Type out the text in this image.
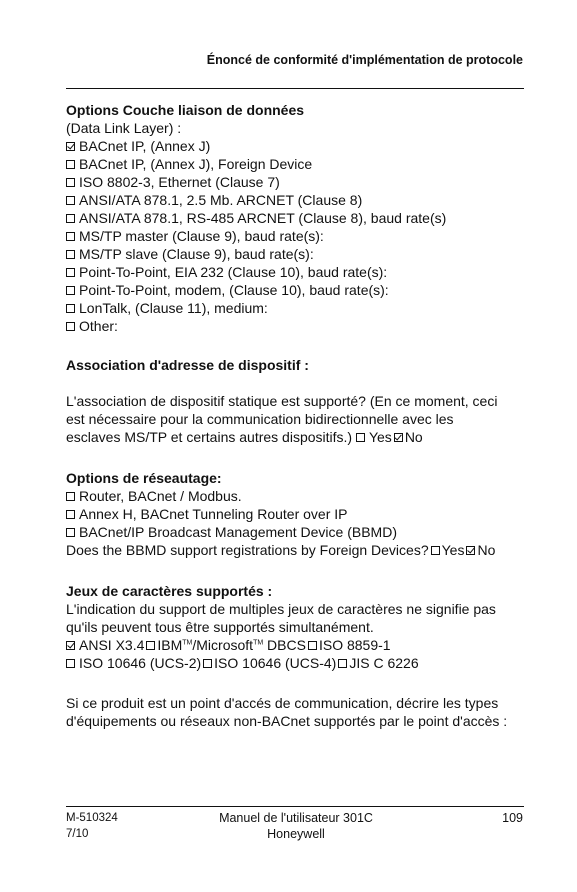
Énoncé de conformité d'implémentation de protocole
Options Couche liaison de données
(Data Link Layer) :
BACnet IP, (Annex J)
BACnet IP, (Annex J), Foreign Device
ISO 8802-3, Ethernet (Clause 7)
ANSI/ATA 878.1, 2.5 Mb. ARCNET (Clause 8)
ANSI/ATA 878.1, RS-485 ARCNET (Clause 8), baud rate(s)
MS/TP master (Clause 9), baud rate(s):
MS/TP slave (Clause 9), baud rate(s):
Point-To-Point, EIA 232 (Clause 10), baud rate(s):
Point-To-Point, modem, (Clause 10), baud rate(s):
LonTalk, (Clause 11), medium:
Other:
Association d'adresse de dispositif :
L'association de dispositif statique est supporté? (En ce moment, ceci
est nécessaire pour la communication bidirectionnelle avec les
esclaves MS/TP et certains autres dispositifs.) Yes No
Options de réseautage:
Router, BACnet / Modbus.
Annex H, BACnet Tunneling Router over IP
BACnet/IP Broadcast Management Device (BBMD)
Does the BBMD support registrations by Foreign Devices? Yes No
Jeux de caractères supportés :
L'indication du support de multiples jeux de caractères ne signifie pas
qu'ils peuvent tous être supportés simultanément.
ANSI X3.4 IBM™/Microsoft™ DBCS ISO 8859-1
ISO 10646 (UCS-2) ISO 10646 (UCS-4) JIS C 6226
Si ce produit est un point d'accés de communication, décrire les types
d'équipements ou réseaux non-BACnet supportés par le point d'accès :
M-510324
7/10
Manuel de l'utilisateur 301C
Honeywell
109
